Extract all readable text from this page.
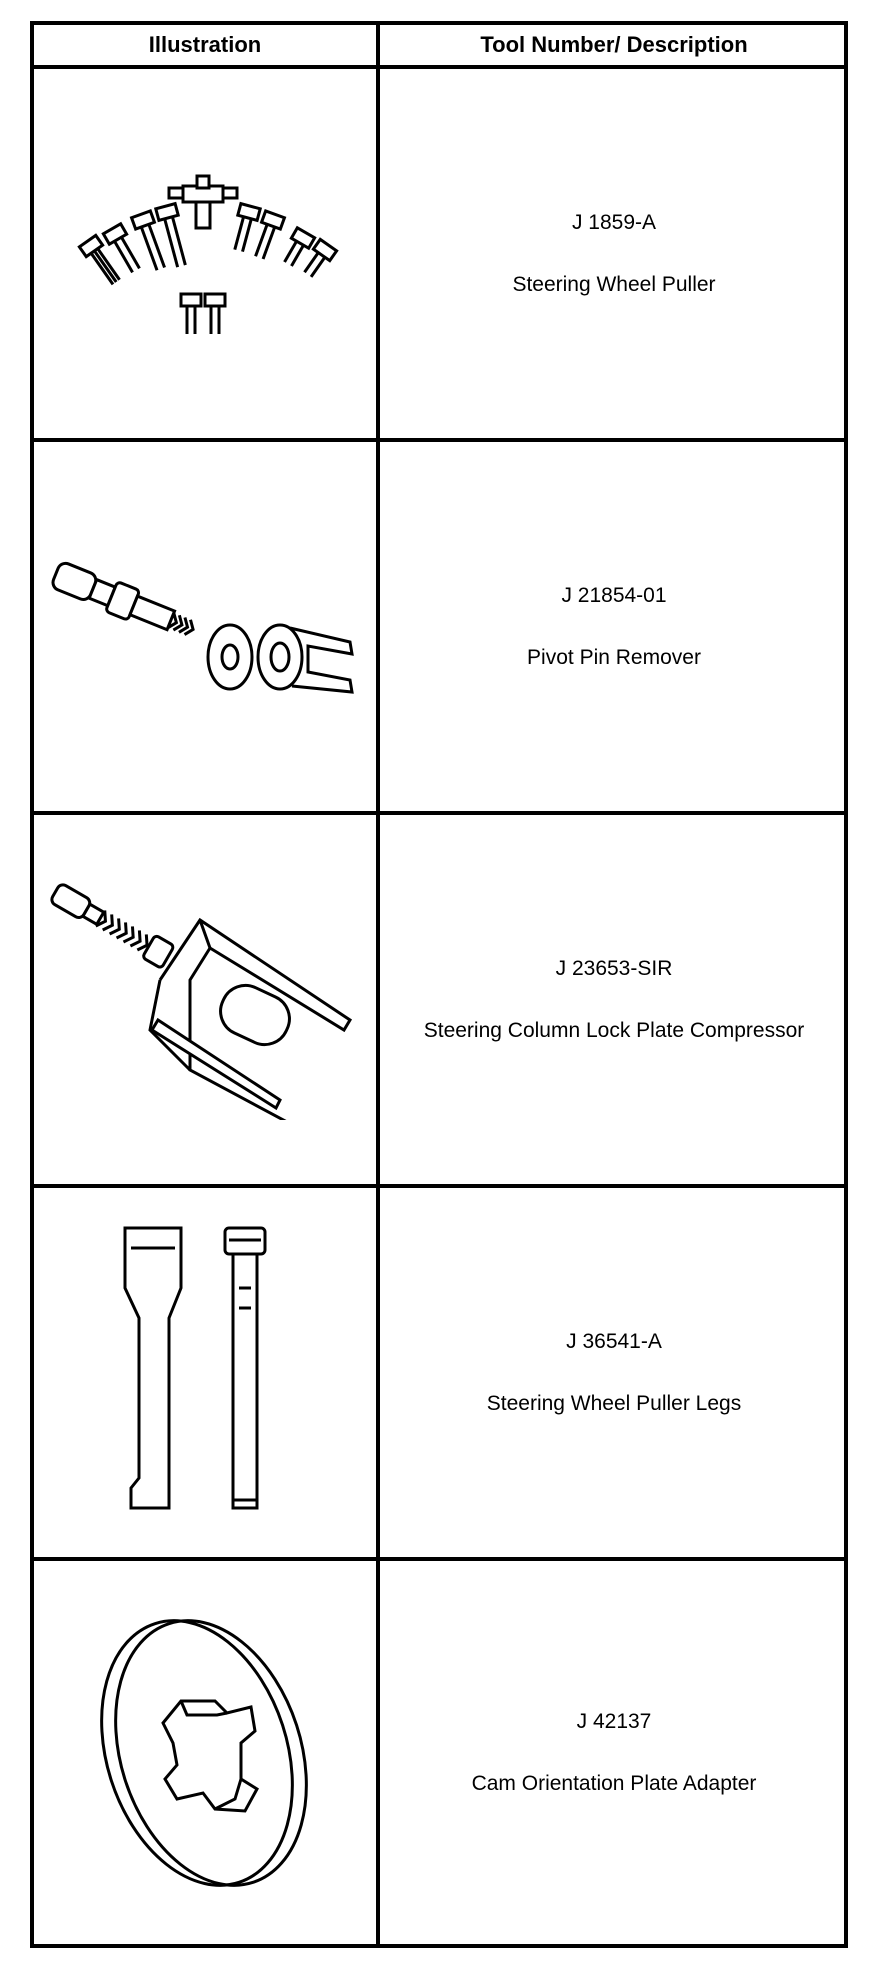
Illustration	Tool Number/ Description
J 1859-A
Steering Wheel Puller
J 21854-01
Pivot Pin Remover
J 23653-SIR
Steering Column Lock Plate Compressor
J 36541-A
Steering Wheel Puller Legs
J 42137
Cam Orientation Plate Adapter
